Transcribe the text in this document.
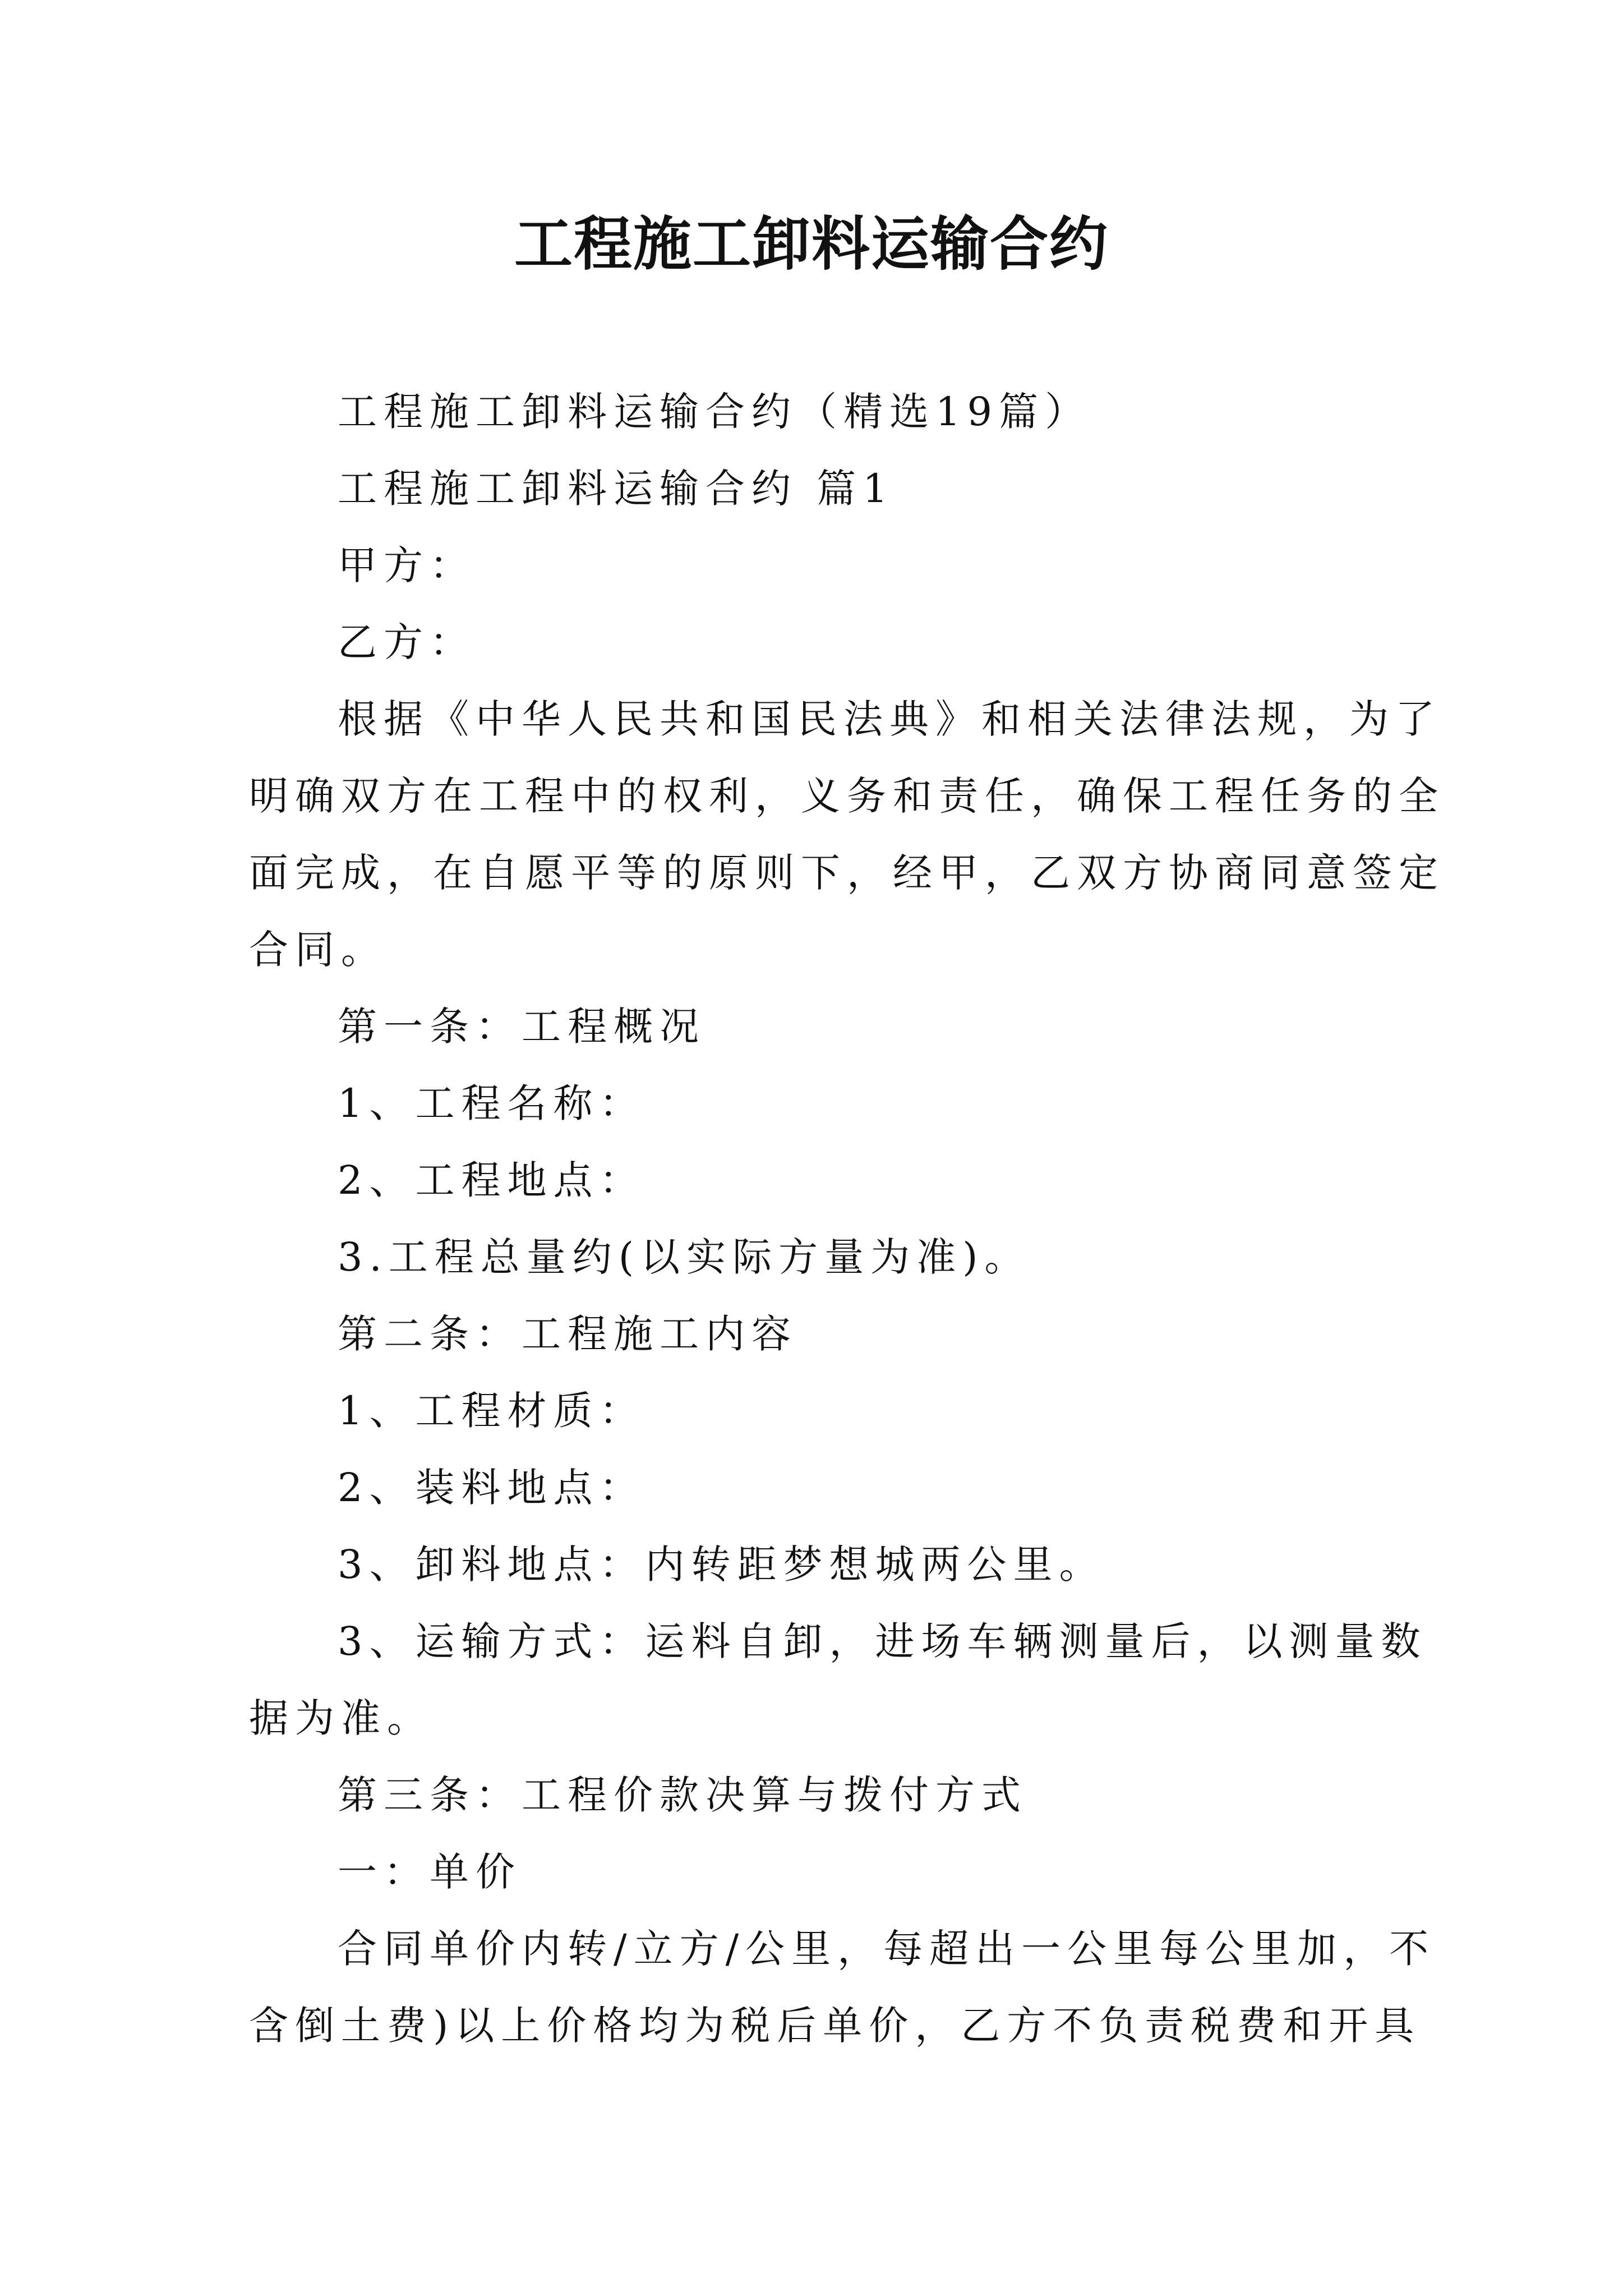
工程施工卸料运输合约
工程施工卸料运输合约（精选19篇）
工程施工卸料运输合约 篇1
甲方：
乙方：
根据《中华人民共和国民法典》和相关法律法规，为了
明确双方在工程中的权利，义务和责任，确保工程任务的全
面完成，在自愿平等的原则下，经甲，乙双方协商同意签定
合同。
第一条：工程概况
1、工程名称：
2、工程地点：
3.工程总量约(以实际方量为准)。
第二条：工程施工内容
1、工程材质：
2、装料地点：
3、卸料地点：内转距梦想城两公里。
3、运输方式：运料自卸，进场车辆测量后，以测量数
据为准。
第三条：工程价款决算与拨付方式
一：单价
合同单价内转/立方/公里，每超出一公里每公里加，不
含倒土费)以上价格均为税后单价，乙方不负责税费和开具
